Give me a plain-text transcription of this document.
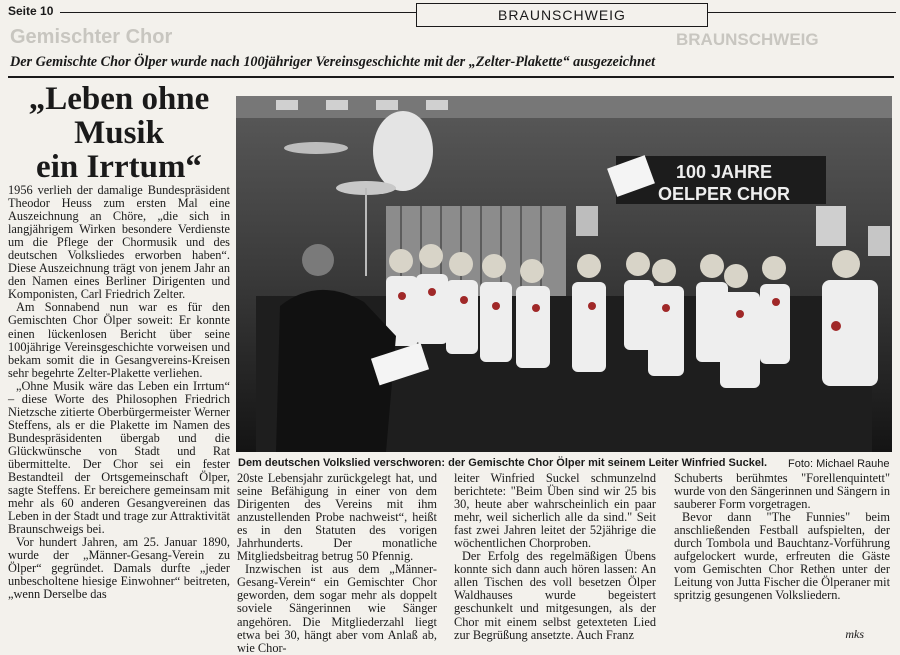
Seite 10	BRAUNSCHWEIG
Gemischter Chor	BRAUNSCHWEIG
Der Gemischte Chor Ölper wurde nach 100jähriger Vereinsgeschichte mit der „Zelter-Plakette“ ausgezeichnet
„Leben ohne
Musik
ein Irrtum“

1956 verlieh der damalige Bundespräsident Theodor Heuss zum ersten Mal eine Auszeichnung an Chöre, „die sich in langjährigem Wirken besondere Verdienste um die Pflege der Chormusik und des deutschen Volksliedes erworben haben“. Diese Auszeichnung trägt von jenem Jahr an den Namen eines Berliner Dirigenten und Komponisten, Carl Friedrich Zelter.

Am Sonnabend nun war es für den Gemischten Chor Ölper soweit: Er konnte einen lückenlosen Bericht über seine 100jährige Vereinsgeschichte vorweisen und bekam somit die in Gesangvereins-Kreisen sehr begehrte Zelter-Plakette verliehen.

„Ohne Musik wäre das Leben ein Irrtum“ – diese Worte des Philosophen Friedrich Nietzsche zitierte Oberbürgermeister Werner Steffens, als er die Plakette im Namen des Bundespräsidenten übergab und die Glückwünsche von Stadt und Rat übermittelte. Der Chor sei ein fester Bestandteil der Ortsgemeinschaft Ölper, sagte Steffens. Er bereichere gemeinsam mit mehr als 60 anderen Gesangvereinen das Leben in der Stadt und trage zur Attraktivität Braunschweigs bei.

Vor hundert Jahren, am 25. Januar 1890, wurde der „Männer-Gesang-Verein zu Ölper“ gegründet. Damals durfte „jeder unbescholtene hiesige Einwohner“ beitreten, „wenn Derselbe das

100 JAHRE
OELPER CHOR
Dem deutschen Volkslied verschworen: der Gemischte Chor Ölper mit seinem Leiter Winfried Suckel.	Foto: Michael Rauhe

20ste Lebensjahr zurückgelegt hat, und seine Befähigung in einer von dem Dirigenten des Vereins mit ihm anzustellenden Probe nachweist“, heißt es in den Statuten des vorigen Jahrhunderts. Der monatliche Mitgliedsbeitrag betrug 50 Pfennig.

Inzwischen ist aus dem „Männer-Gesang-Verein“ ein Gemischter Chor geworden, dem sogar mehr als doppelt soviele Sängerinnen wie Sänger angehören. Die Mitgliederzahl liegt etwa bei 30, hängt aber vom Anlaß ab, wie Chor-

leiter Winfried Suckel schmunzelnd berichtete: "Beim Üben sind wir 25 bis 30, heute aber wahrscheinlich ein paar mehr, weil sicherlich alle da sind." Seit fast zwei Jahren leitet der 52jährige die wöchentlichen Chorproben.

Der Erfolg des regelmäßigen Übens konnte sich dann auch hören lassen: An allen Tischen des voll besetzen Ölper Waldhauses wurde begeistert geschunkelt und mitgesungen, als der Chor mit einem selbst getexteten Lied zur Begrüßung ansetzte. Auch Franz

Schuberts berühmtes "Forellenquintett" wurde von den Sängerinnen und Sängern in sauberer Form vorgetragen.

Bevor dann "The Funnies" beim anschließenden Festball aufspielten, der durch Tombola und Bauchtanz-Vorführung aufgelockert wurde, erfreuten die Gäste vom Gemischten Chor Rethen unter der Leitung von Jutta Fischer die Ölperaner mit spritzig gesungenen Volksliedern.

mks
